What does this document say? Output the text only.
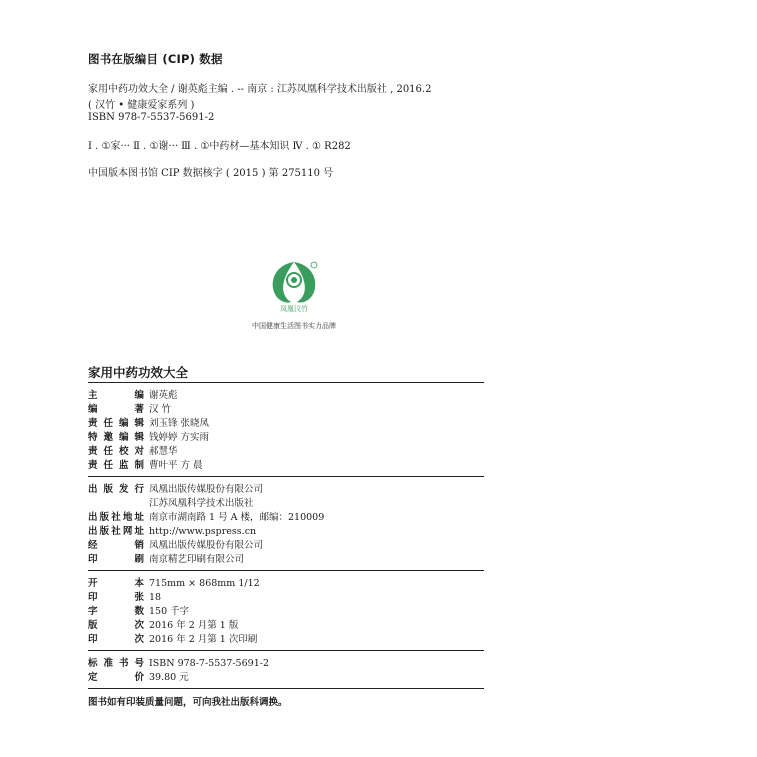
图书在版编目 (CIP) 数据
家用中药功效大全 / 谢英彪主编 . -- 南京 : 江苏凤凰科学技术出版社 , 2016.2
( 汉竹 • 健康爱家系列 )
ISBN 978-7-5537-5691-2
Ⅰ . ①家··· Ⅱ . ①谢··· Ⅲ . ①中药材—基本知识 Ⅳ . ① R282
中国版本图书馆 CIP 数据核字 ( 2015 ) 第 275110 号
凤凰汉竹
中国健康生活图书实力品牌
家用中药功效大全
主	编 谢英彪
编	著 汉 竹
责 任 编 辑 刘玉锋 张晓凤
特 邀 编 辑 钱婷婷 方实雨
责 任 校 对 郝慧华
责 任 监 制 曹叶平 方 晨
出 版 发 行 凤凰出版传媒股份有限公司
江苏凤凰科学技术出版社
出 版 社 地 址 南京市湖南路 1 号 A 楼，邮编：210009
出 版 社 网 址 http://www.pspress.cn
经	销 凤凰出版传媒股份有限公司
印	刷 南京精艺印刷有限公司
开	本 715mm × 868mm 1/12
印	张 18
字	数 150 千字
版	次 2016 年 2 月第 1 版
印	次 2016 年 2 月第 1 次印刷
标 准 书 号 ISBN 978-7-5537-5691-2
定	价 39.80 元
图书如有印装质量问题，可向我社出版科调换。
